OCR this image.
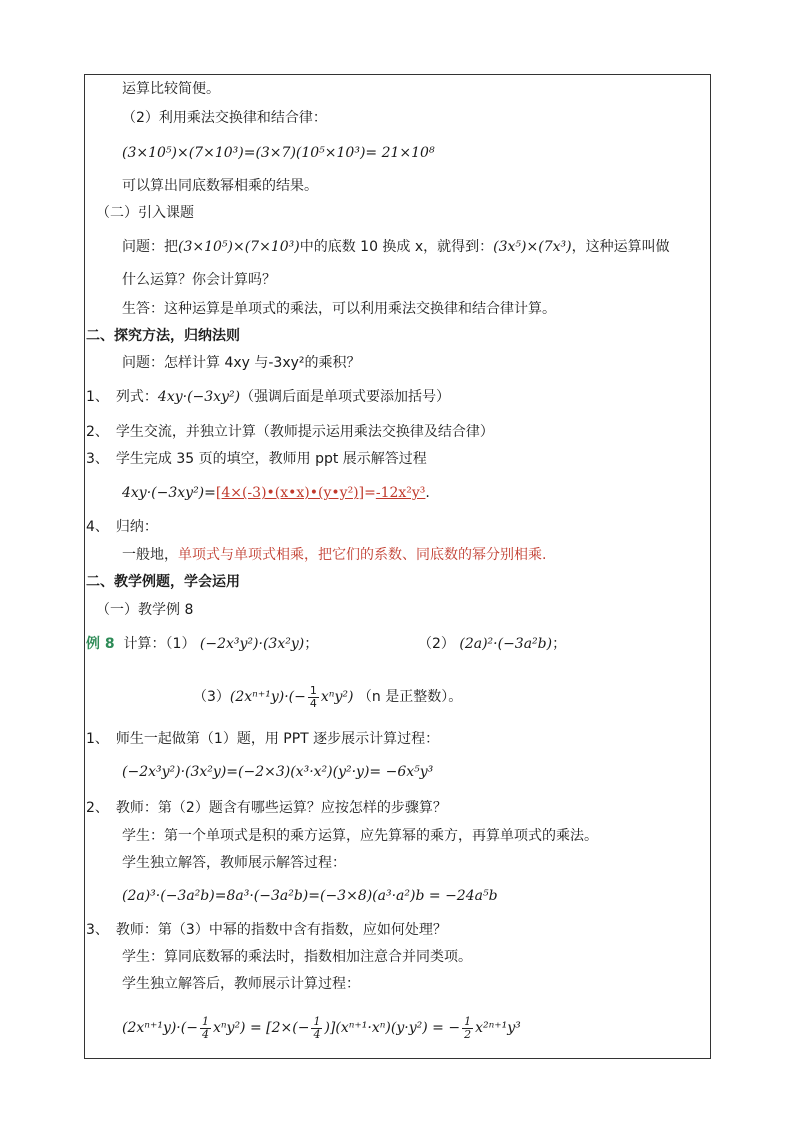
运算比较简便。
（2）利用乘法交换律和结合律：
(3×10⁵)×(7×10³)=(3×7)(10⁵×10³)= 21×10⁸
可以算出同底数幂相乘的结果。
（二）引入课题
问题：把(3×10⁵)×(7×10³)中的底数 10 换成 x，就得到：(3x⁵)×(7x³)，这种运算叫做
什么运算？你会计算吗？
生答：这种运算是单项式的乘法，可以利用乘法交换律和结合律计算。
二、探究方法，归纳法则
问题：怎样计算 4xy 与-3xy²的乘积？
1、　列式：4xy·(−3xy²)（强调后面是单项式要添加括号）
2、　学生交流，并独立计算（教师提示运用乘法交换律及结合律）
3、　学生完成 35 页的填空，教师用 ppt 展示解答过程
4xy·(−3xy²)=[4×(-3)•(x•x)•(y•y²)]=-12x²y³.
4、　归纳：
一般地，单项式与单项式相乘，把它们的系数、同底数的幂分别相乘.
二、教学例题，学会运用
（一）教学例 8
例 8 计算：（1） (−2x³y²)·(3x²y)；	（2） (2a)²·(−3a²b)；
$(3)(2x^{n+1}y)\cdot(- \frac{1}{4} x^ny^2)$ （n 是正整数）。
1、　师生一起做第（1）题，用 PPT 逐步展示计算过程：
(−2x³y²)·(3x²y)=(−2×3)(x³·x²)(y²·y)= −6x⁵y³
2、　教师：第（2）题含有哪些运算？应按怎样的步骤算？
学生：第一个单项式是积的乘方运算，应先算幂的乘方，再算单项式的乘法。
学生独立解答，教师展示解答过程：
(2a)³·(−3a²b)=8a³·(−3a²b)=(−3×8)(a³·a²)b = −24a⁵b
3、　教师：第（3）中幂的指数中含有指数，应如何处理？
学生：算同底数幂的乘法时，指数相加注意合并同类项。
学生独立解答后，教师展示计算过程：
$(2x^{n+1}y)\cdot(- \frac{1}{4} x^ny^2) = [2\times(- \frac{1}{4} )](x^{n+1}\cdot x^n)(y\cdot y^2)$ = − $\frac{1}{2} x^{2n+1}y^3$
